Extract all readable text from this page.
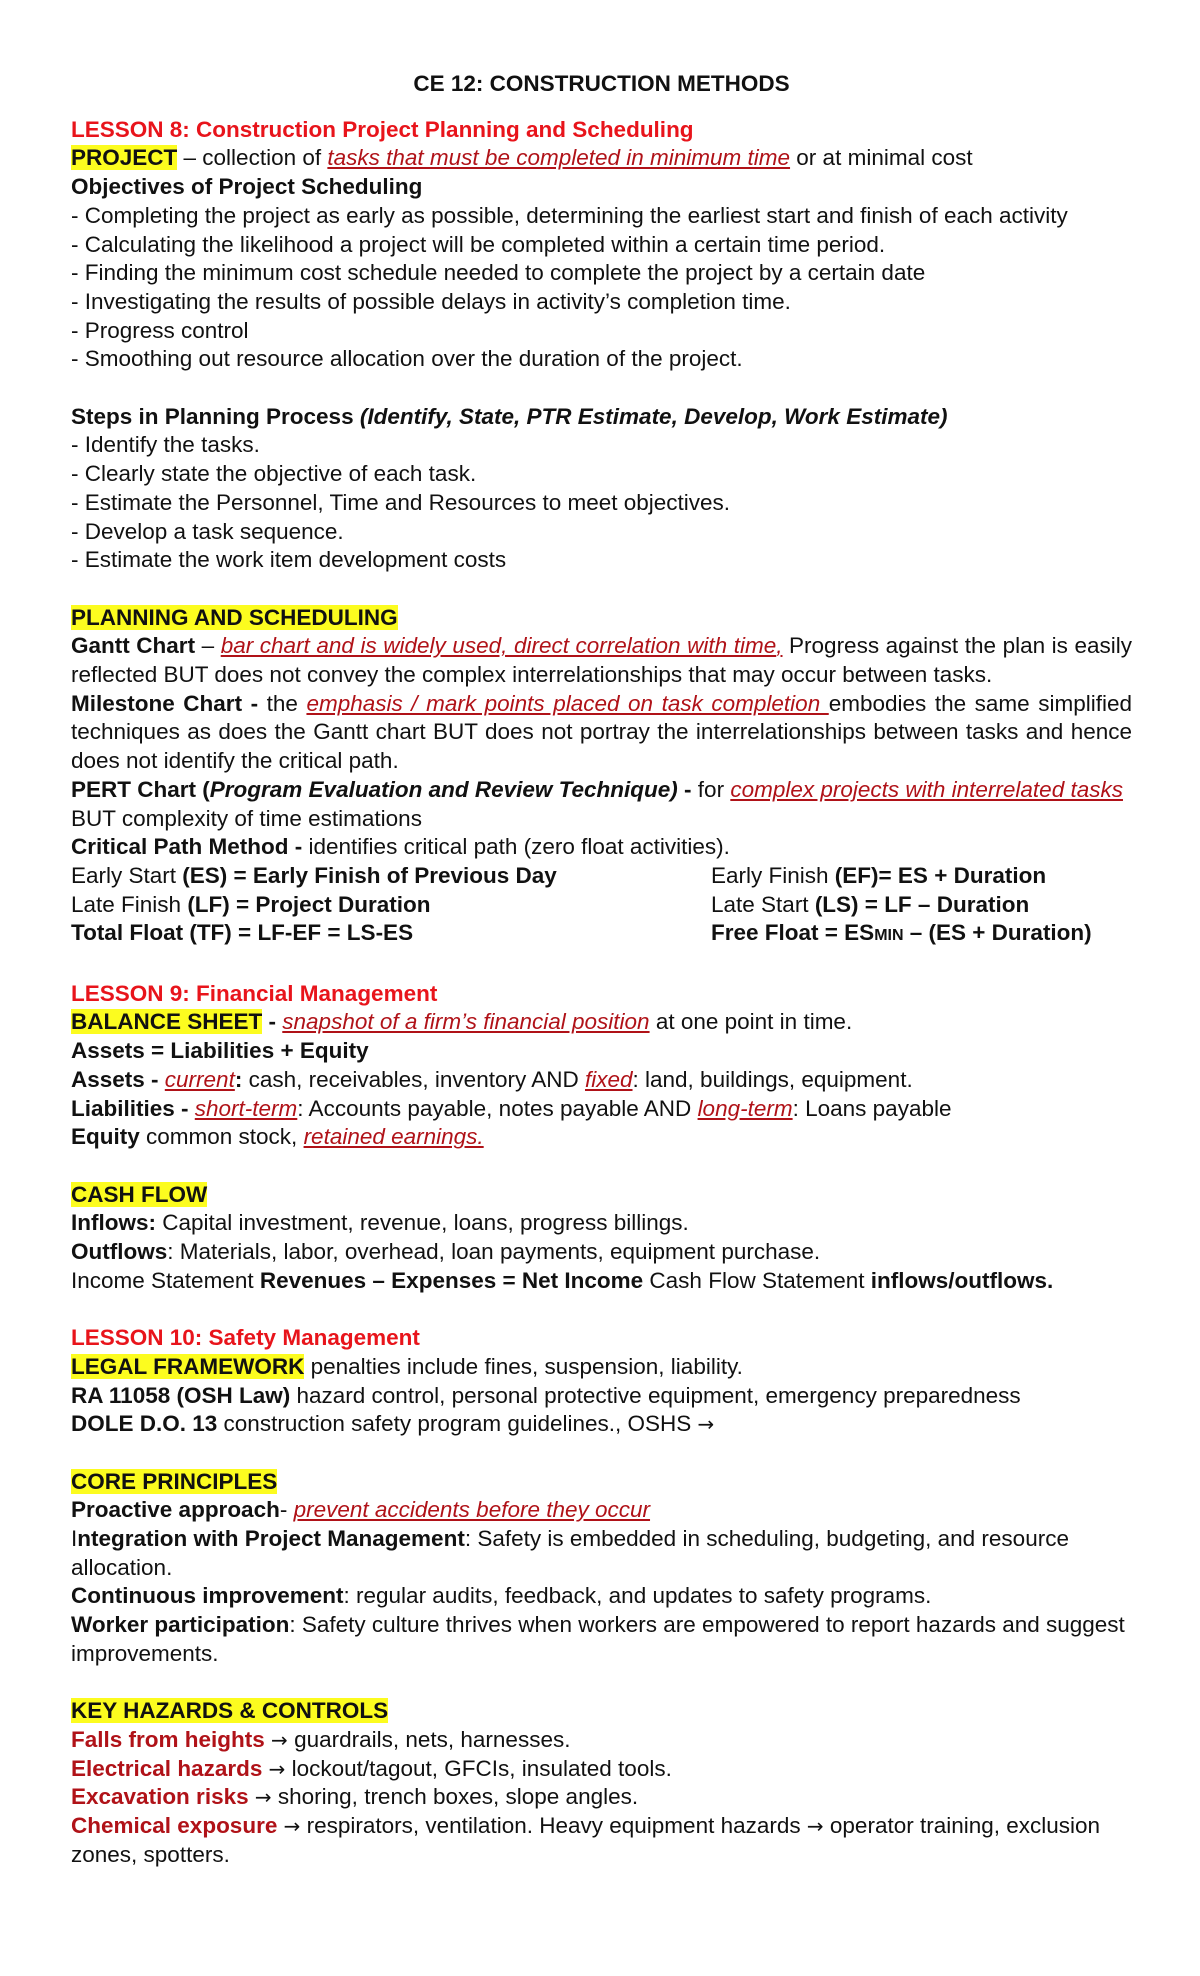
CE 12: CONSTRUCTION METHODS

LESSON 8: Construction Project Planning and Scheduling

PROJECT – collection of tasks that must be completed in minimum time or at minimal cost

Objectives of Project Scheduling

- Completing the project as early as possible, determining the earliest start and finish of each activity

- Calculating the likelihood a project will be completed within a certain time period.

- Finding the minimum cost schedule needed to complete the project by a certain date

- Investigating the results of possible delays in activity’s completion time.

- Progress control

- Smoothing out resource allocation over the duration of the project.

Steps in Planning Process (Identify, State, PTR Estimate, Develop, Work Estimate)

- Identify the tasks.

- Clearly state the objective of each task.

- Estimate the Personnel, Time and Resources to meet objectives.

- Develop a task sequence.

- Estimate the work item development costs

PLANNING AND SCHEDULING

Gantt Chart – bar chart and is widely used, direct correlation with time, Progress against the plan is easily reflected BUT does not convey the complex interrelationships that may occur between tasks.

Milestone Chart - the emphasis / mark points placed on task completion embodies the same simplified techniques as does the Gantt chart BUT does not portray the interrelationships between tasks and hence does not identify the critical path.

PERT Chart (Program Evaluation and Review Technique) - for complex projects with interrelated tasks BUT complexity of time estimations

Critical Path Method - identifies critical path (zero float activities).

Early Start (ES) = Early Finish of Previous Day	Early Finish (EF)= ES + Duration
Late Finish (LF) = Project Duration	Late Start (LS) = LF – Duration
Total Float (TF) = LF-EF = LS-ES	Free Float = ESMIN – (ES + Duration)

LESSON 9: Financial Management

BALANCE SHEET - snapshot of a firm’s financial position at one point in time.

Assets = Liabilities + Equity

Assets - current: cash, receivables, inventory AND fixed: land, buildings, equipment.

Liabilities - short-term: Accounts payable, notes payable AND long-term: Loans payable

Equity common stock, retained earnings.

CASH FLOW

Inflows: Capital investment, revenue, loans, progress billings.

Outflows: Materials, labor, overhead, loan payments, equipment purchase.

Income Statement Revenues – Expenses = Net Income Cash Flow Statement inflows/outflows.

LESSON 10: Safety Management

LEGAL FRAMEWORK penalties include fines, suspension, liability.

RA 11058 (OSH Law) hazard control, personal protective equipment, emergency preparedness

DOLE D.O. 13 construction safety program guidelines., OSHS →

CORE PRINCIPLES

Proactive approach- prevent accidents before they occur

Integration with Project Management: Safety is embedded in scheduling, budgeting, and resource allocation.

Continuous improvement: regular audits, feedback, and updates to safety programs.

Worker participation: Safety culture thrives when workers are empowered to report hazards and suggest improvements.

KEY HAZARDS & CONTROLS

Falls from heights → guardrails, nets, harnesses.

Electrical hazards → lockout/tagout, GFCIs, insulated tools.

Excavation risks → shoring, trench boxes, slope angles.

Chemical exposure → respirators, ventilation. Heavy equipment hazards → operator training, exclusion zones, spotters.
